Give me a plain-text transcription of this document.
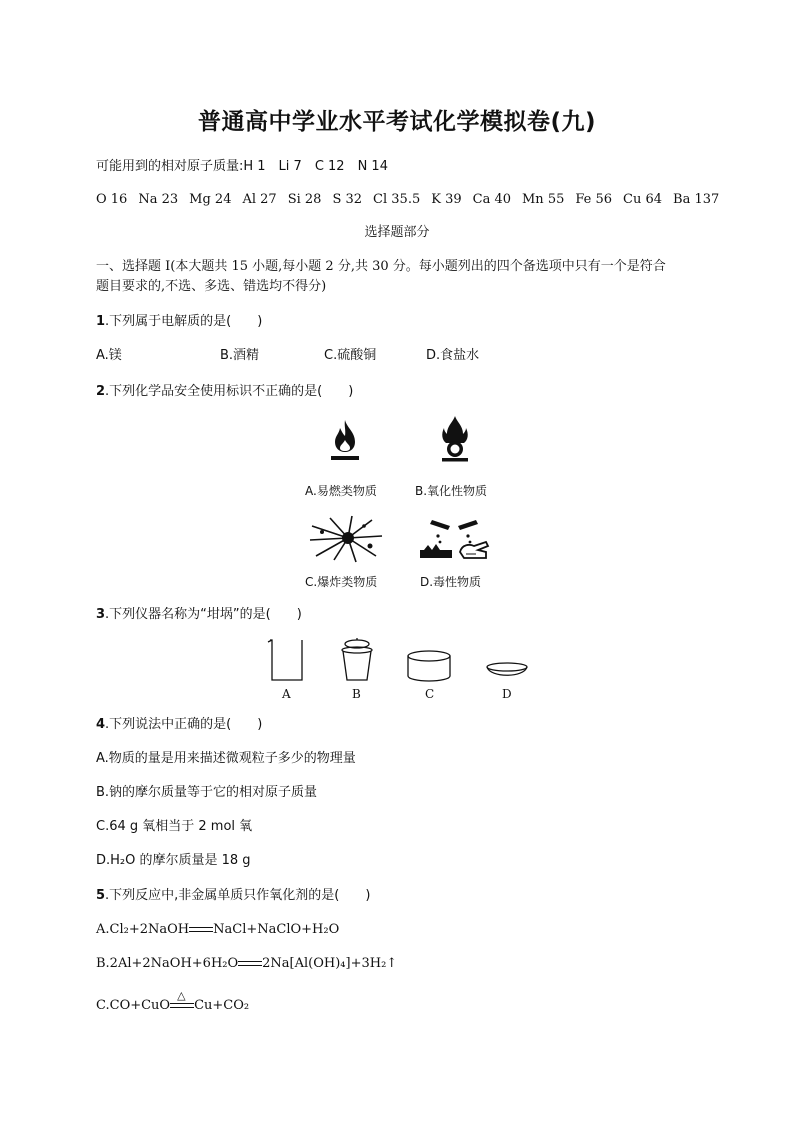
普通高中学业水平考试化学模拟卷(九)
可能用到的相对原子质量:H 1　Li 7　C 12　N 14
O 16 Na 23 Mg 24 Al 27 Si 28 S 32 Cl 35.5 K 39 Ca 40 Mn 55 Fe 56 Cu 64 Ba 137
选择题部分
一、选择题 Ⅰ(本大题共 15 小题,每小题 2 分,共 30 分。每小题列出的四个备选项中只有一个是符合
题目要求的,不选、多选、错选均不得分)
1.下列属于电解质的是(　　)
A.镁	B.酒精	C.硫酸铜	D.食盐水
2.下列化学品安全使用标识不正确的是(　　)
A.易燃类物质	B.氧化性物质
C.爆炸类物质	D.毒性物质
3.下列仪器名称为“坩埚”的是(　　)
A	B	C	D
4.下列说法中正确的是(　　)
A.物质的量是用来描述微观粒子多少的物理量
B.钠的摩尔质量等于它的相对原子质量
C.64 g 氧相当于 2 mol 氧
D.H₂O 的摩尔质量是 18 g
5.下列反应中,非金属单质只作氧化剂的是(　　)
A.Cl₂+2NaOH NaCl+NaClO+H₂O
B.2Al+2NaOH+6H₂O 2Na[Al(OH)₄]+3H₂↑
C.CO+CuO
△
Cu+CO₂
